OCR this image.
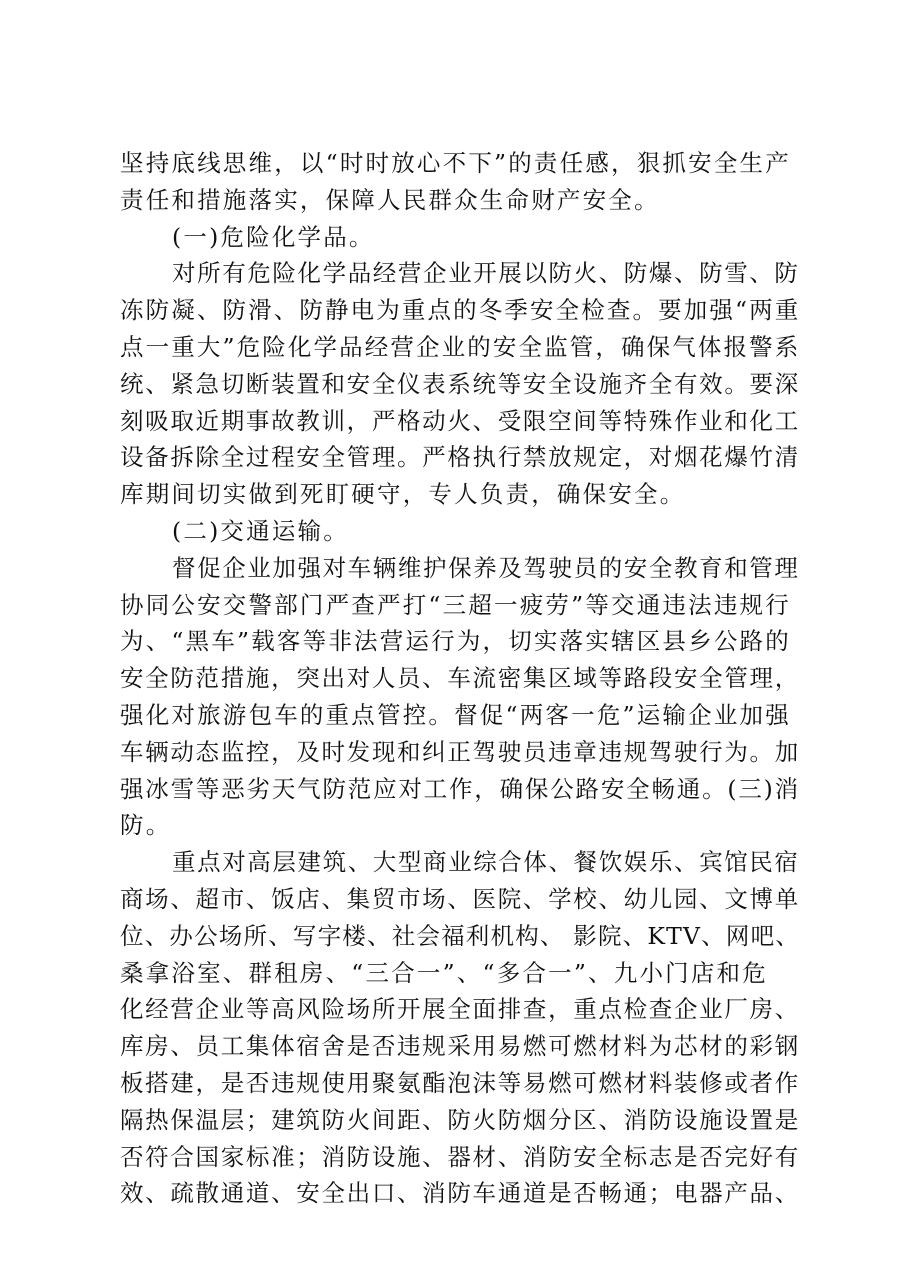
坚持底线思维，以“时时放心不下”的责任感，狠抓安全生产
责任和措施落实，保障人民群众生命财产安全。
(一)危险化学品。
对所有危险化学品经营企业开展以防火、防爆、防雪、防
冻防凝、防滑、防静电为重点的冬季安全检查。要加强“两重
点一重大”危险化学品经营企业的安全监管，确保气体报警系
统、紧急切断装置和安全仪表系统等安全设施齐全有效。要深
刻吸取近期事故教训，严格动火、受限空间等特殊作业和化工
设备拆除全过程安全管理。严格执行禁放规定，对烟花爆竹清
库期间切实做到死盯硬守，专人负责，确保安全。
(二)交通运输。
督促企业加强对车辆维护保养及驾驶员的安全教育和管理
协同公安交警部门严查严打“三超一疲劳”等交通违法违规行
为、“黑车”载客等非法营运行为，切实落实辖区县乡公路的
安全防范措施，突出对人员、车流密集区域等路段安全管理，
强化对旅游包车的重点管控。督促“两客一危”运输企业加强
车辆动态监控，及时发现和纠正驾驶员违章违规驾驶行为。加
强冰雪等恶劣天气防范应对工作，确保公路安全畅通。(三)消
防。
重点对高层建筑、大型商业综合体、餐饮娱乐、宾馆民宿
商场、超市、饭店、集贸市场、医院、学校、幼儿园、文博单
位、办公场所、写字楼、社会福利机构、 影院、KTV、网吧、
桑拿浴室、群租房、“三合一”、“多合一”、九小门店和危
化经营企业等高风险场所开展全面排查，重点检查企业厂房、
库房、员工集体宿舍是否违规采用易燃可燃材料为芯材的彩钢
板搭建，是否违规使用聚氨酯泡沫等易燃可燃材料装修或者作
隔热保温层；建筑防火间距、防火防烟分区、消防设施设置是
否符合国家标准；消防设施、器材、消防安全标志是否完好有
效、疏散通道、安全出口、消防车通道是否畅通；电器产品、
